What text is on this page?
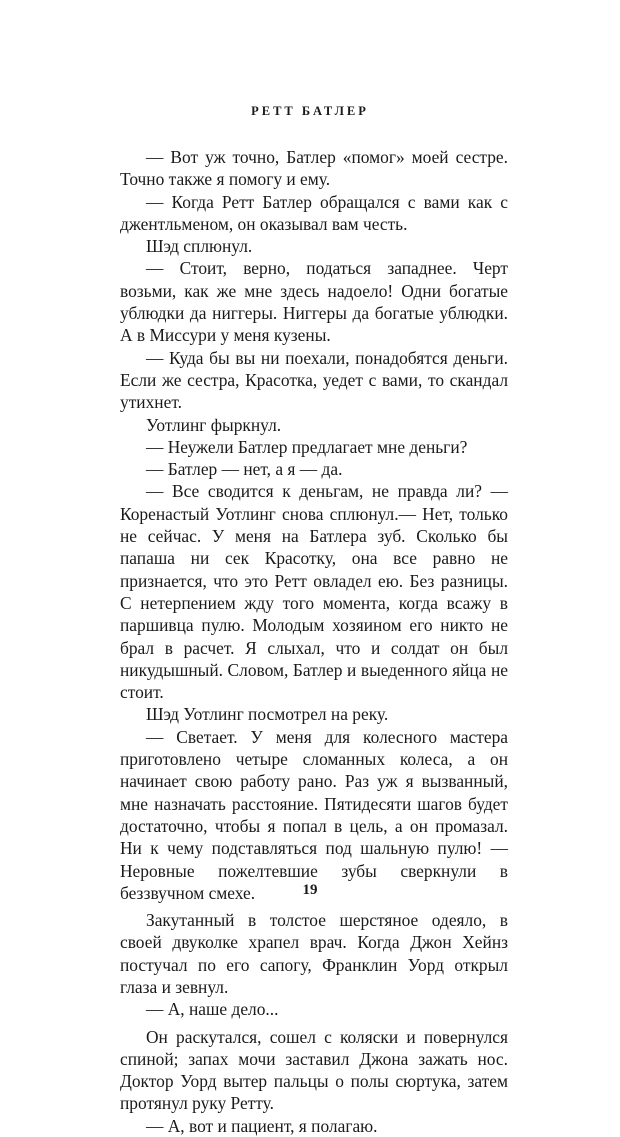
РЕТТ БАТЛЕР

— Вот уж точно, Батлер «помог» моей сестре. Точно также я помогу и ему.

— Когда Ретт Батлер обращался с вами как с джентльменом, он оказывал вам честь.

Шэд сплюнул.

— Стоит, верно, податься западнее. Черт возьми, как же мне здесь надоело! Одни богатые ублюдки да ниггеры. Ниггеры да богатые ублюдки. А в Миссури у меня кузены.

— Куда бы вы ни поехали, понадобятся деньги. Если же сестра, Красотка, уедет с вами, то скандал утихнет.

Уотлинг фыркнул.

— Неужели Батлер предлагает мне деньги?

— Батлер — нет, а я — да.

— Все сводится к деньгам, не правда ли? — Коренастый Уотлинг снова сплюнул.— Нет, только не сейчас. У меня на Батлера зуб. Сколько бы папаша ни сек Красотку, она все равно не признается, что это Ретт овладел ею. Без разницы. С нетерпением жду того момента, когда всажу в паршивца пулю. Молодым хозяином его никто не брал в расчет. Я слыхал, что и солдат он был никудышный. Словом, Батлер и выеденного яйца не стоит.

Шэд Уотлинг посмотрел на реку.

— Светает. У меня для колесного мастера приготовлено четыре сломанных колеса, а он начинает свою работу рано. Раз уж я вызванный, мне назначать расстояние. Пятидесяти шагов будет достаточно, чтобы я попал в цель, а он промазал. Ни к чему подставляться под шальную пулю! — Неровные пожелтевшие зубы сверкнули в беззвучном смехе.

Закутанный в толстое шерстяное одеяло, в своей двуколке храпел врач. Когда Джон Хейнз постучал по его сапогу, Франклин Уорд открыл глаза и зевнул.

— А, наше дело...

Он раскутался, сошел с коляски и повернулся спиной; запах мочи заставил Джона зажать нос. Доктор Уорд вытер пальцы о полы сюртука, затем протянул руку Ретту.

— А, вот и пациент, я полагаю.

19
